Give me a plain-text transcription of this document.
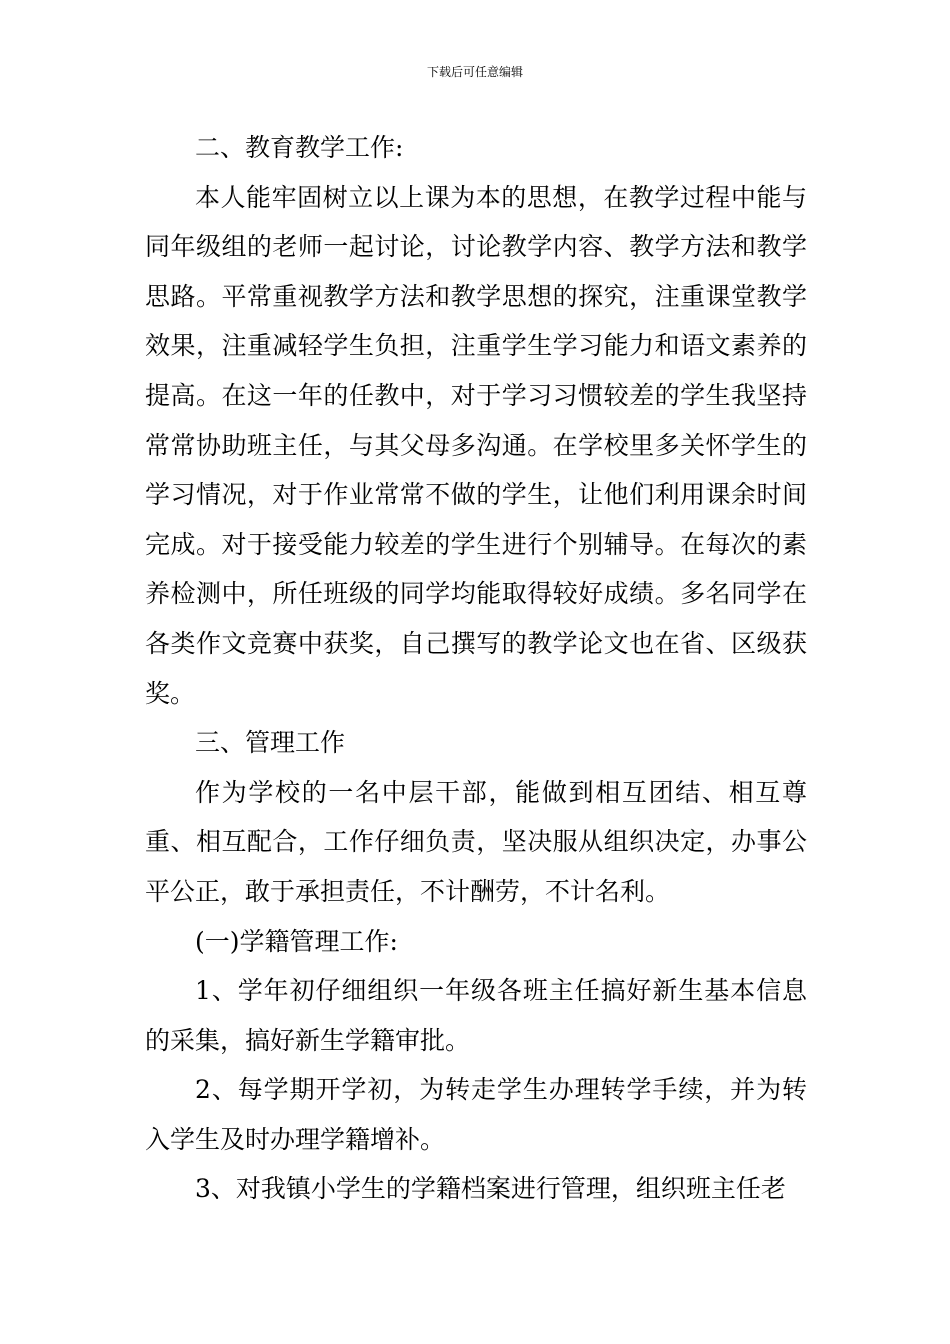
下载后可任意编辑

二、教育教学工作:

本人能牢固树立以上课为本的思想，在教学过程中能与同年级组的老师一起讨论，讨论教学内容、教学方法和教学思路。平常重视教学方法和教学思想的探究，注重课堂教学效果，注重减轻学生负担，注重学生学习能力和语文素养的提高。在这一年的任教中，对于学习习惯较差的学生我坚持常常协助班主任，与其父母多沟通。在学校里多关怀学生的学习情况，对于作业常常不做的学生，让他们利用课余时间完成。对于接受能力较差的学生进行个别辅导。在每次的素养检测中，所任班级的同学均能取得较好成绩。多名同学在各类作文竞赛中获奖，自己撰写的教学论文也在省、区级获奖。

三、管理工作

作为学校的一名中层干部，能做到相互团结、相互尊重、相互配合，工作仔细负责，坚决服从组织决定，办事公平公正，敢于承担责任，不计酬劳，不计名利。

(一)学籍管理工作:

1、学年初仔细组织一年级各班主任搞好新生基本信息的采集，搞好新生学籍审批。

2、每学期开学初，为转走学生办理转学手续，并为转入学生及时办理学籍增补。

3、对我镇小学生的学籍档案进行管理，组织班主任老
